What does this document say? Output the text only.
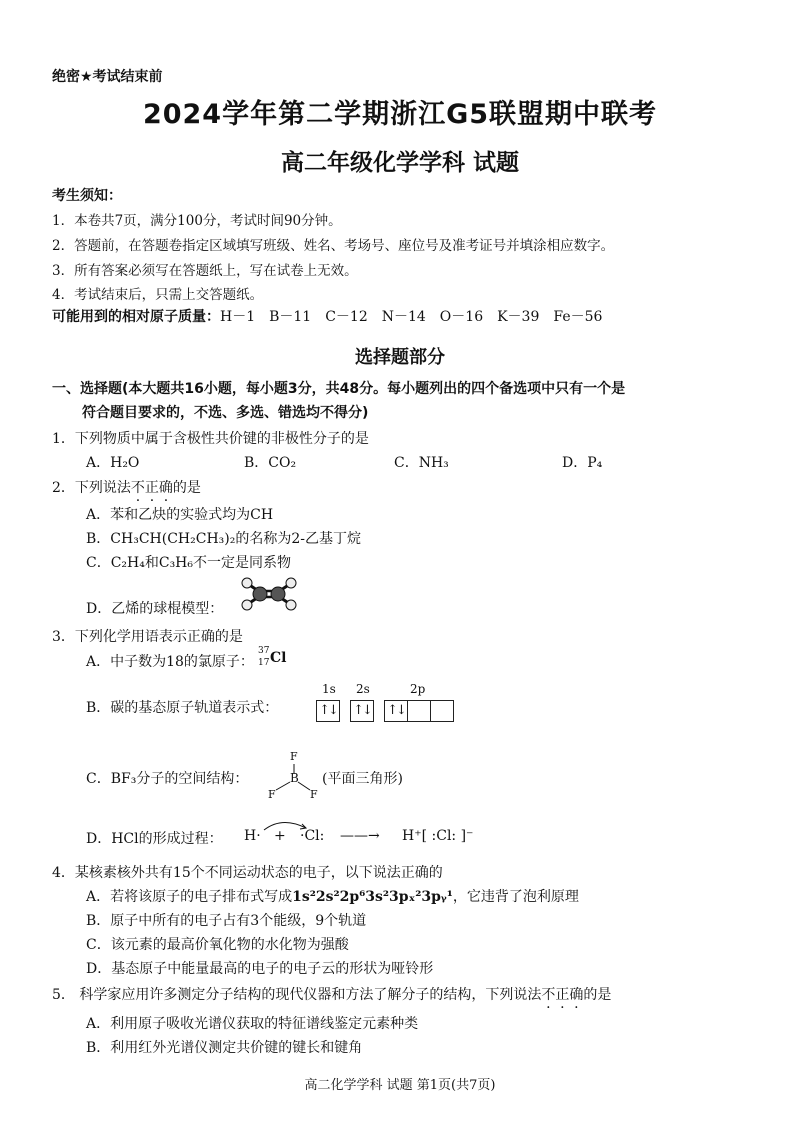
绝密★考试结束前
2024学年第二学期浙江G5联盟期中联考
高二年级化学学科 试题
考生须知：
1．本卷共7页，满分100分，考试时间90分钟。
2．答题前，在答题卷指定区域填写班级、姓名、考场号、座位号及准考证号并填涂相应数字。
3．所有答案必须写在答题纸上，写在试卷上无效。
4．考试结束后，只需上交答题纸。
可能用到的相对原子质量：H－1　B－11　C－12　N－14　O－16　K－39　Fe－56
选择题部分
一、选择题(本大题共16小题，每小题3分，共48分。每小题列出的四个备选项中只有一个是
符合题目要求的，不选、多选、错选均不得分)
1．下列物质中属于含极性共价键的非极性分子的是
A．H₂O	B．CO₂	C．NH₃	D．P₄
2．下列说法不正确的是
A．苯和乙炔的实验式均为CH
B．CH₃CH(CH₂CH₃)₂的名称为2-乙基丁烷
C．C₂H₄和C₃H₆不一定是同系物
D．乙烯的球棍模型：
3．下列化学用语表示正确的是
A．中子数为18的氯原子：
37
17 Cl
B．碳的基态原子轨道表示式：
1s 2s	2p
↑↓ ↑↓ ↑↓
C．BF₃分子的空间结构：
F
B
F	F
(平面三角形)
D．HCl的形成过程： H· + ·Cl: ——→ H⁺[ :Cl: ]⁻
4．某核素核外共有15个不同运动状态的电子，以下说法正确的
A．若将该原子的电子排布式写成1s²2s²2p⁶3s²3pₓ²3pᵧ¹，它违背了泡利原理
B．原子中所有的电子占有3个能级，9个轨道
C．该元素的最高价氧化物的水化物为强酸
D．基态原子中能量最高的电子的电子云的形状为哑铃形
5． 科学家应用许多测定分子结构的现代仪器和方法了解分子的结构，下列说法不正确的是
A．利用原子吸收光谱仪获取的特征谱线鉴定元素种类
B．利用红外光谱仪测定共价键的键长和键角
高二化学学科 试题 第1页(共7页)
